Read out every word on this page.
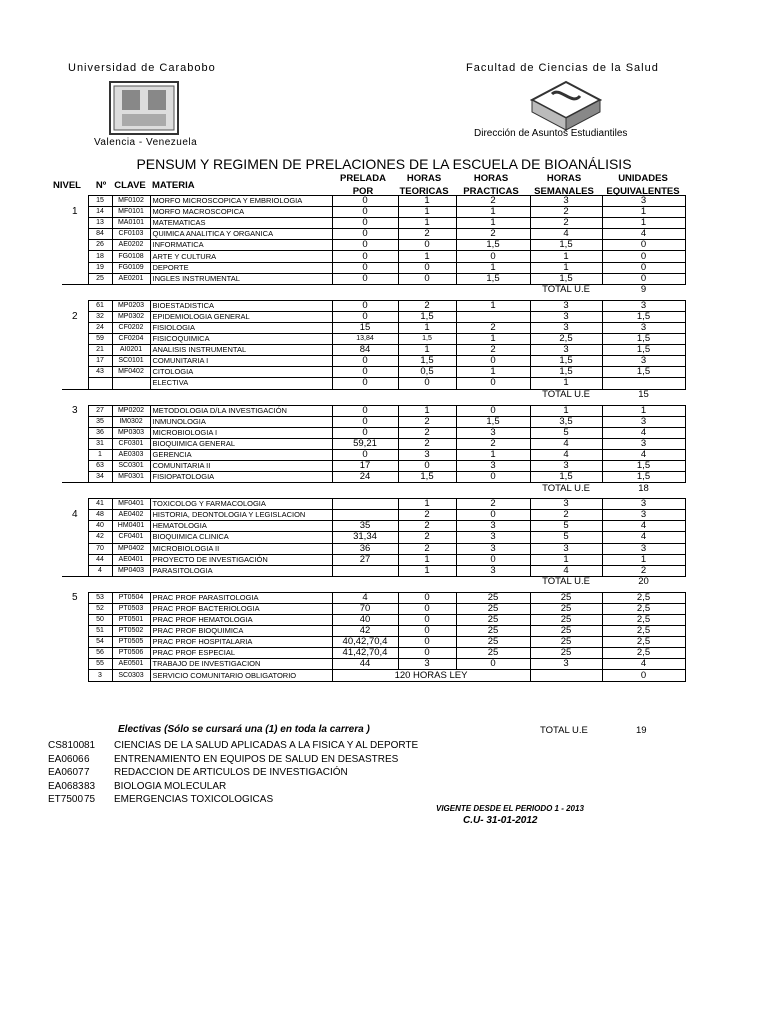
Universidad de Carabobo	Facultad de Ciencias de la Salud
Valencia - Venezuela
Dirección de Asuntos Estudiantiles
PENSUM Y REGIMEN DE PRELACIONES DE LA ESCUELA DE BIOANÁLISIS
NIVEL	Nº CLAVE MATERIA
PRELADA
POR
HORAS
TEORICAS
HORAS
PRACTICAS
HORAS
SEMANALES
UNIDADES
EQUIVALENTES
	15	MF0102	MORFO MICROSCOPICA Y EMBRIOLOGIA	0	1	2	3	3
1	14	MF0101	MORFO MACROSCOPICA	0	1	1	2	1
	13	MA0101	MATEMATICAS	0	1	1	2	1
	84	CF0103	QUIMICA ANALITICA Y ORGANICA	0	2	2	4	4
	26	AE0202	INFORMATICA	0	0	1,5	1,5	0
	18	FG0108	ARTE Y CULTURA	0	1	0	1	0
	19	FG0109	DEPORTE	0	0	1	1	0
	25	AE0201	INGLES INSTRUMENTAL	0	0	1,5	1,5	0
							TOTAL U.E	9

	61	MP0203	BIOESTADISTICA	0	2	1	3	3
2	32	MP0302	EPIDEMIOLOGIA GENERAL	0	1,5		3	1,5
	24	CF0202	FISIOLOGIA	15	1	2	3	3
	59	CF0204	FISICOQUIMICA	13,84	1,5	1	2,5	1,5
	21	AI0201	ANALISIS INSTRUMENTAL	84	1	2	3	1,5
	17	SC0101	COMUNITARIA I	0	1,5	0	1,5	3
	43	MF0402	CITOLOGIA	0	0,5	1	1,5	1,5
			ELECTIVA	0	0	0	1	
							TOTAL U.E	15

3	27	MP0202	METODOLOGIA D/LA INVESTIGACIÓN	0	1	0	1	1
	35	IM0302	INMUNOLOGIA	0	2	1,5	3,5	3
	36	MP0303	MICROBIOLOGIA I	0	2	3	5	4
	31	CF0301	BIOQUIMICA GENERAL	59,21	2	2	4	3
	1	AE0303	GERENCIA	0	3	1	4	4
	63	SC0301	COMUNITARIA II	17	0	3	3	1,5
	34	MF0301	FISIOPATOLOGIA	24	1,5	0	1,5	1,5
							TOTAL U.E	18

	41	MF0401	TOXICOLOG Y FARMACOLOGIA		1	2	3	3
4	48	AE0402	HISTORIA, DEONTOLOGIA Y LEGISLACION		2	0	2	3
	40	HM0401	HEMATOLOGIA	35	2	3	5	4
	42	CF0401	BIOQUIMICA CLINICA	31,34	2	3	5	4
	70	MP0402	MICROBIOLOGIA II	36	2	3	3	3
	44	AE0401	PROYECTO DE INVESTIGACIÓN	27	1	0	1	1
	4	MP0403	PARASITOLOGIA		1	3	4	2
							TOTAL U.E	20

5	53	PT0504	PRAC PROF PARASITOLOGIA	4	0	25	25	2,5
	52	PT0503	PRAC PROF BACTERIOLOGIA	70	0	25	25	2,5
	50	PT0501	PRAC PROF HEMATOLOGIA	40	0	25	25	2,5
	51	PT0502	PRAC PROF BIOQUIMICA	42	0	25	25	2,5
	54	PT0505	PRAC PROF HOSPITALARIA	40,42,70,4	0	25	25	2,5
	56	PT0506	PRAC PROF ESPECIAL	41,42,70,4	0	25	25	2,5
	55	AE0501	TRABAJO DE INVESTIGACION	44	3	0	3	4
	3	SC0303	SERVICIO COMUNITARIO OBLIGATORIO	120 HORAS LEY				0
Electivas (Sólo se cursará una (1) en toda la carrera )	TOTAL U.E	19
CS810081 CIENCIAS DE LA SALUD APLICADAS A LA FISICA Y AL DEPORTE
EA06066 ENTRENAMIENTO EN EQUIPOS DE SALUD EN DESASTRES
EA06077 REDACCION DE ARTICULOS DE INVESTIGACIÓN
EA068383 BIOLOGIA MOLECULAR
ET750075 EMERGENCIAS TOXICOLOGICAS
VIGENTE DESDE EL PERIODO 1 - 2013
C.U- 31-01-2012
